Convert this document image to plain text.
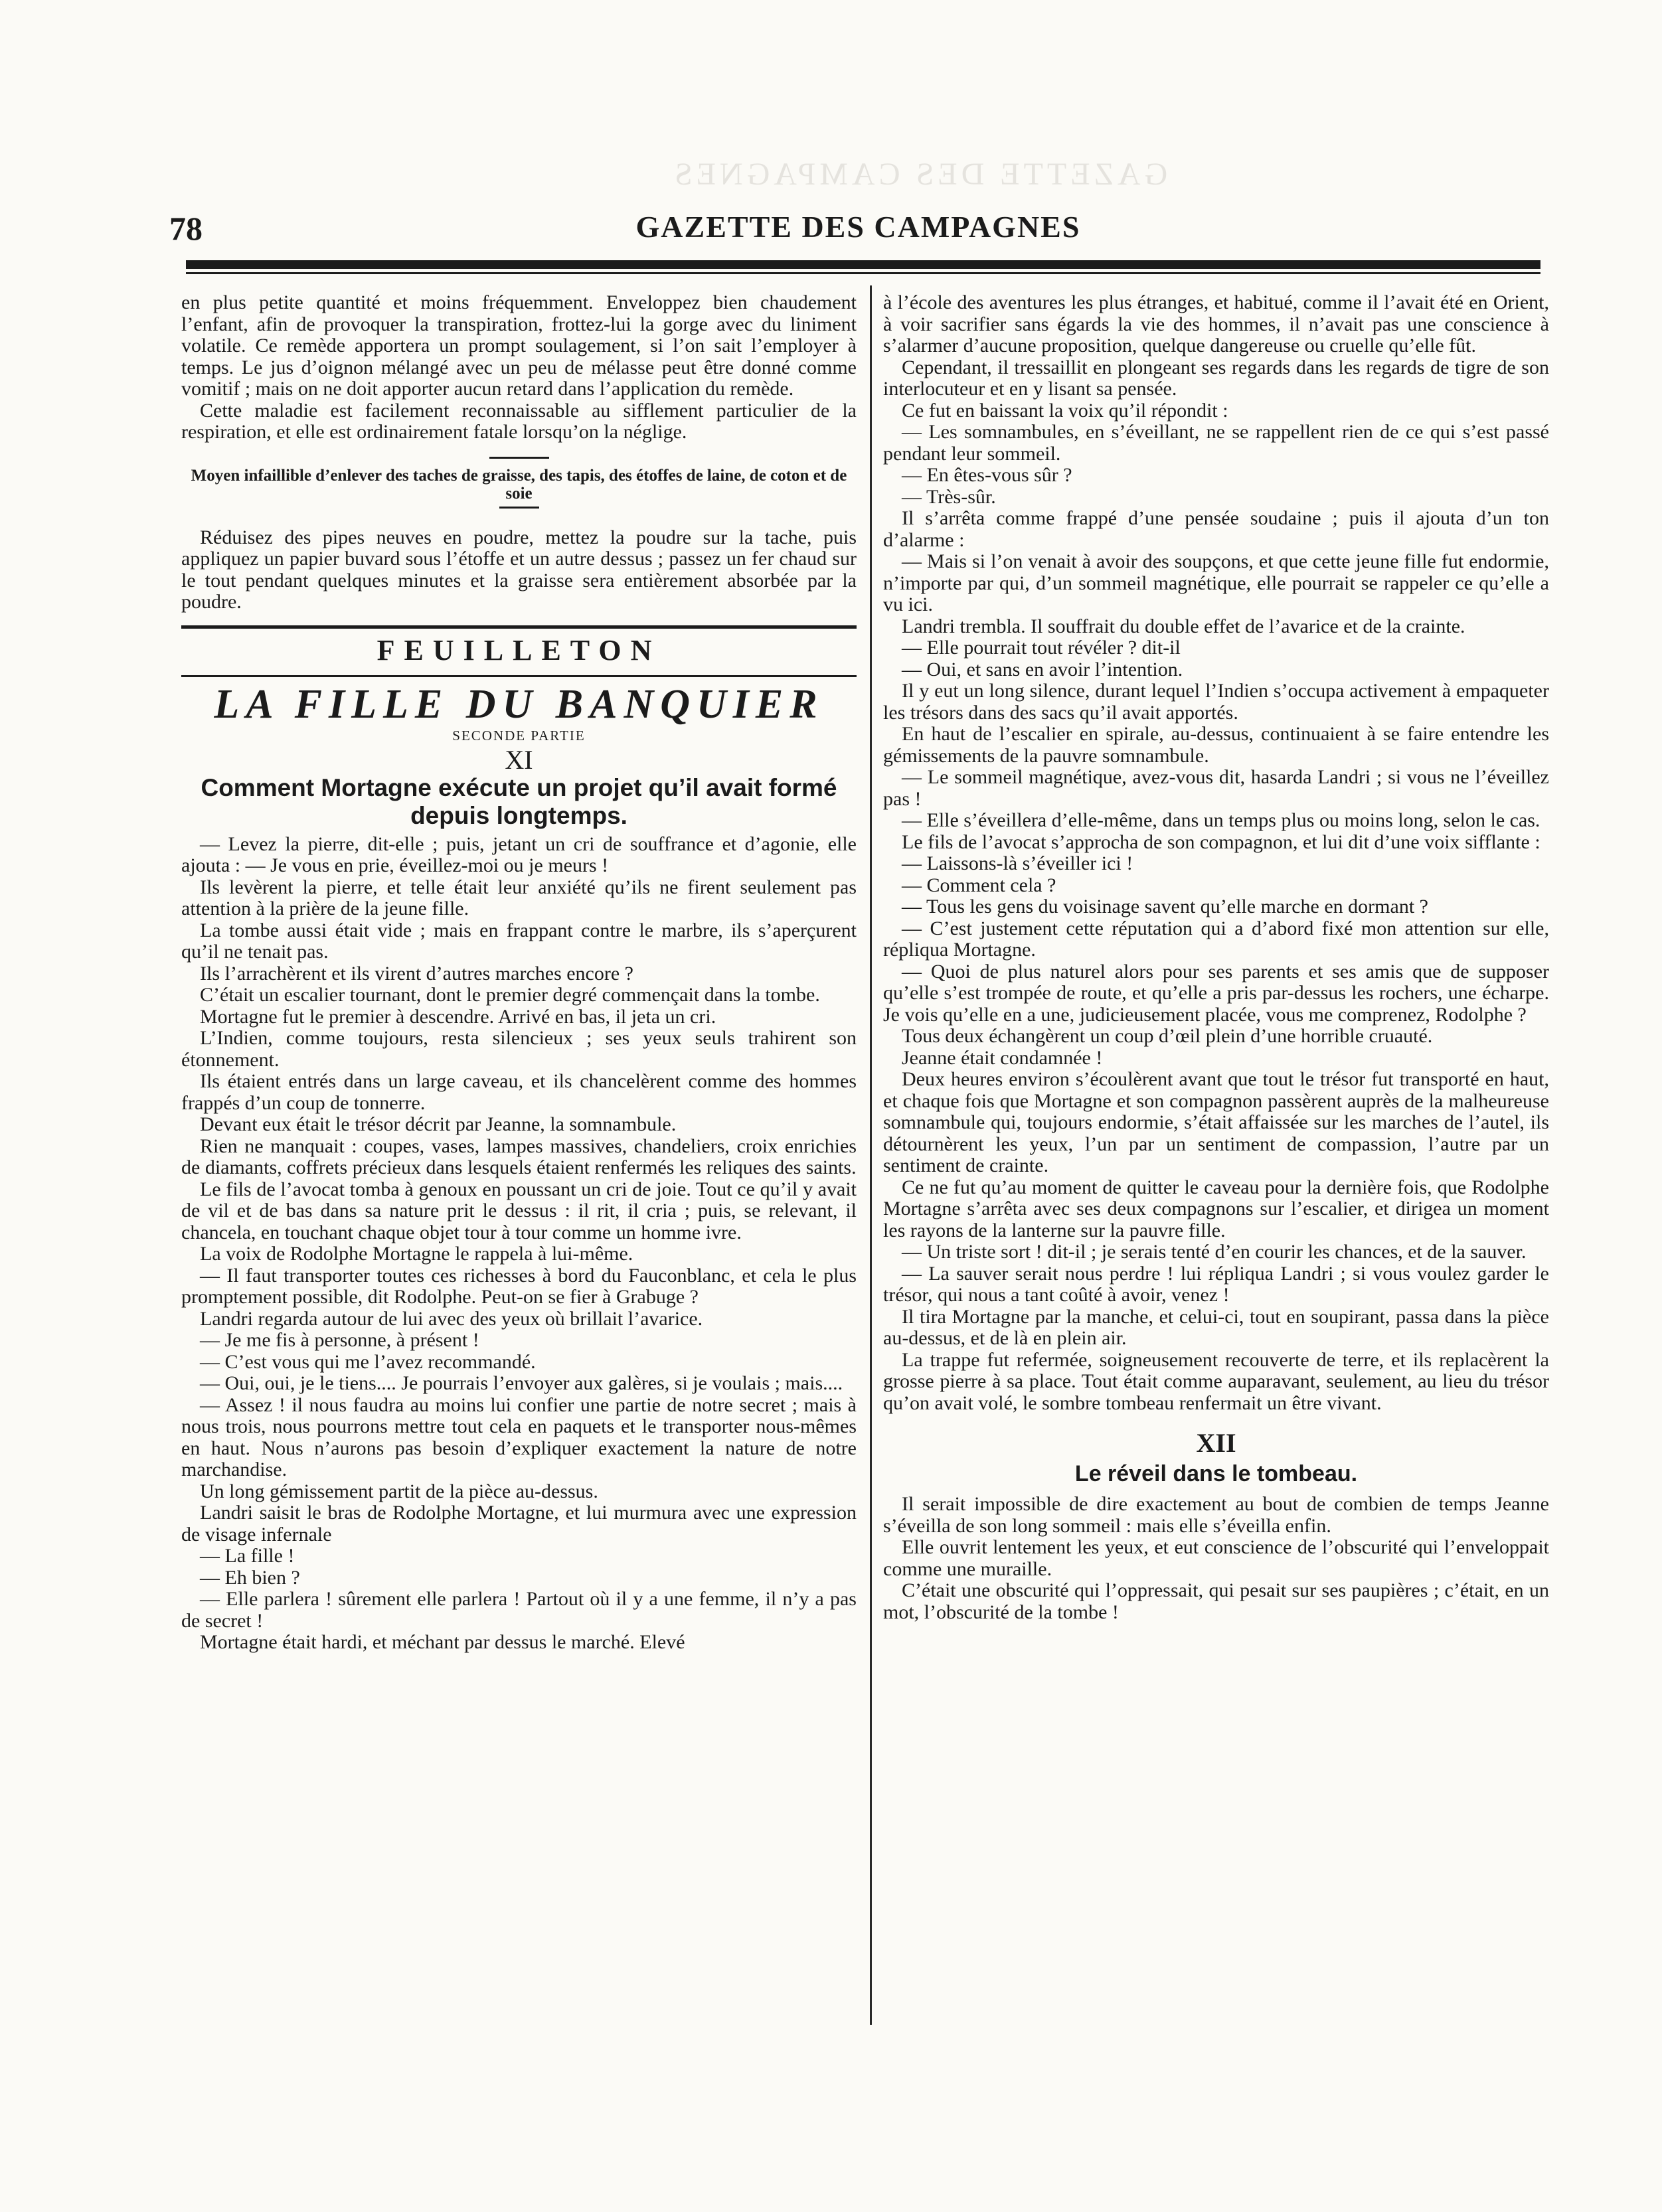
GAZETTE DES CAMPAGNES
78	GAZETTE DES CAMPAGNES

en plus petite quantité et moins fréquemment. Enveloppez bien chaudement l’enfant, afin de provoquer la transpiration, frottez-lui la gorge avec du liniment volatile. Ce remède apportera un prompt soulagement, si l’on sait l’employer à temps. Le jus d’oignon mélangé avec un peu de mélasse peut être donné comme vomitif ; mais on ne doit apporter aucun retard dans l’application du remède.

Cette maladie est facilement reconnaissable au sifflement particulier de la respiration, et elle est ordinairement fatale lorsqu’on la néglige.

Moyen infaillible d’enlever des taches de graisse, des tapis, des étoffes de laine, de coton et de soie

Réduisez des pipes neuves en poudre, mettez la poudre sur la tache, puis appliquez un papier buvard sous l’étoffe et un autre dessus ; passez un fer chaud sur le tout pendant quelques minutes et la graisse sera entièrement absorbée par la poudre.

FEUILLETON
LA FILLE DU BANQUIER
SECONDE PARTIE
XI
Comment Mortagne exécute un projet qu’il avait formé depuis longtemps.

— Levez la pierre, dit-elle ; puis, jetant un cri de souffrance et d’agonie, elle ajouta : — Je vous en prie, éveillez-moi ou je meurs !

Ils levèrent la pierre, et telle était leur anxiété qu’ils ne firent seulement pas attention à la prière de la jeune fille.

La tombe aussi était vide ; mais en frappant contre le marbre, ils s’aperçurent qu’il ne tenait pas.

Ils l’arrachèrent et ils virent d’autres marches encore ?

C’était un escalier tournant, dont le premier degré commençait dans la tombe.

Mortagne fut le premier à descendre. Arrivé en bas, il jeta un cri.

L’Indien, comme toujours, resta silencieux ; ses yeux seuls trahirent son étonnement.

Ils étaient entrés dans un large caveau, et ils chancelèrent comme des hommes frappés d’un coup de tonnerre.

Devant eux était le trésor décrit par Jeanne, la somnambule.

Rien ne manquait : coupes, vases, lampes massives, chandeliers, croix enrichies de diamants, coffrets précieux dans lesquels étaient renfermés les reliques des saints.

Le fils de l’avocat tomba à genoux en poussant un cri de joie. Tout ce qu’il y avait de vil et de bas dans sa nature prit le dessus : il rit, il cria ; puis, se relevant, il chancela, en touchant chaque objet tour à tour comme un homme ivre.

La voix de Rodolphe Mortagne le rappela à lui-même.

— Il faut transporter toutes ces richesses à bord du Fauconblanc, et cela le plus promptement possible, dit Rodolphe. Peut-on se fier à Grabuge ?

Landri regarda autour de lui avec des yeux où brillait l’avarice.

— Je me fis à personne, à présent !

— C’est vous qui me l’avez recommandé.

— Oui, oui, je le tiens.... Je pourrais l’envoyer aux galères, si je voulais ; mais....

— Assez ! il nous faudra au moins lui confier une partie de notre secret ; mais à nous trois, nous pourrons mettre tout cela en paquets et le transporter nous-mêmes en haut. Nous n’aurons pas besoin d’expliquer exactement la nature de notre marchandise.

Un long gémissement partit de la pièce au-dessus.

Landri saisit le bras de Rodolphe Mortagne, et lui murmura avec une expression de visage infernale

— La fille !

— Eh bien ?

— Elle parlera ! sûrement elle parlera ! Partout où il y a une femme, il n’y a pas de secret !

Mortagne était hardi, et méchant par dessus le marché. Elevé

à l’école des aventures les plus étranges, et habitué, comme il l’avait été en Orient, à voir sacrifier sans égards la vie des hommes, il n’avait pas une conscience à s’alarmer d’aucune proposition, quelque dangereuse ou cruelle qu’elle fût.

Cependant, il tressaillit en plongeant ses regards dans les regards de tigre de son interlocuteur et en y lisant sa pensée.

Ce fut en baissant la voix qu’il répondit :

— Les somnambules, en s’éveillant, ne se rappellent rien de ce qui s’est passé pendant leur sommeil.

— En êtes-vous sûr ?

— Très-sûr.

Il s’arrêta comme frappé d’une pensée soudaine ; puis il ajouta d’un ton d’alarme :

— Mais si l’on venait à avoir des soupçons, et que cette jeune fille fut endormie, n’importe par qui, d’un sommeil magnétique, elle pourrait se rappeler ce qu’elle a vu ici.

Landri trembla. Il souffrait du double effet de l’avarice et de la crainte.

— Elle pourrait tout révéler ? dit-il

— Oui, et sans en avoir l’intention.

Il y eut un long silence, durant lequel l’Indien s’occupa activement à empaqueter les trésors dans des sacs qu’il avait apportés.

En haut de l’escalier en spirale, au-dessus, continuaient à se faire entendre les gémissements de la pauvre somnambule.

— Le sommeil magnétique, avez-vous dit, hasarda Landri ; si vous ne l’éveillez pas !

— Elle s’éveillera d’elle-même, dans un temps plus ou moins long, selon le cas.

Le fils de l’avocat s’approcha de son compagnon, et lui dit d’une voix sifflante :

— Laissons-là s’éveiller ici !

— Comment cela ?

— Tous les gens du voisinage savent qu’elle marche en dormant ?

— C’est justement cette réputation qui a d’abord fixé mon attention sur elle, répliqua Mortagne.

— Quoi de plus naturel alors pour ses parents et ses amis que de supposer qu’elle s’est trompée de route, et qu’elle a pris par-dessus les rochers, une écharpe. Je vois qu’elle en a une, judicieusement placée, vous me comprenez, Rodolphe ?

Tous deux échangèrent un coup d’œil plein d’une horrible cruauté.

Jeanne était condamnée !

Deux heures environ s’écoulèrent avant que tout le trésor fut transporté en haut, et chaque fois que Mortagne et son compagnon passèrent auprès de la malheureuse somnambule qui, toujours endormie, s’était affaissée sur les marches de l’autel, ils détournèrent les yeux, l’un par un sentiment de compassion, l’autre par un sentiment de crainte.

Ce ne fut qu’au moment de quitter le caveau pour la dernière fois, que Rodolphe Mortagne s’arrêta avec ses deux compagnons sur l’escalier, et dirigea un moment les rayons de la lanterne sur la pauvre fille.

— Un triste sort ! dit-il ; je serais tenté d’en courir les chances, et de la sauver.

— La sauver serait nous perdre ! lui répliqua Landri ; si vous voulez garder le trésor, qui nous a tant coûté à avoir, venez !

Il tira Mortagne par la manche, et celui-ci, tout en soupirant, passa dans la pièce au-dessus, et de là en plein air.

La trappe fut refermée, soigneusement recouverte de terre, et ils replacèrent la grosse pierre à sa place. Tout était comme auparavant, seulement, au lieu du trésor qu’on avait volé, le sombre tombeau renfermait un être vivant.

XII
Le réveil dans le tombeau.

Il serait impossible de dire exactement au bout de combien de temps Jeanne s’éveilla de son long sommeil : mais elle s’éveilla enfin.

Elle ouvrit lentement les yeux, et eut conscience de l’obscurité qui l’enveloppait comme une muraille.

C’était une obscurité qui l’oppressait, qui pesait sur ses paupières ; c’était, en un mot, l’obscurité de la tombe !
